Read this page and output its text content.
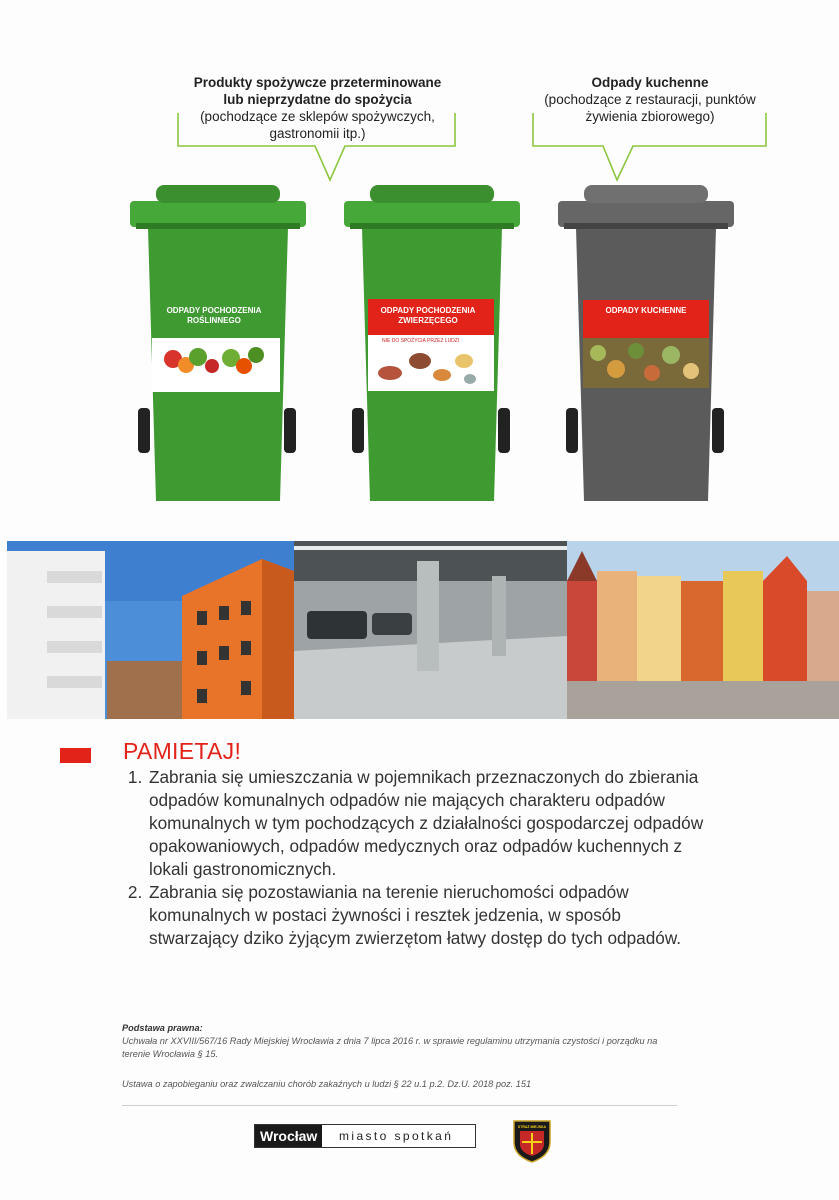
Produkty spożywcze przeterminowane lub nieprzydatne do spożycia
(pochodzące ze sklepów spożywczych, gastronomii itp.)
Odpady kuchenne
(pochodzące z restauracji, punktów żywienia zbiorowego)
ODPADY POCHODZENIA ROŚLINNEGO
ODPADY POCHODZENIA ZWIERZĘCEGO
NIE DO SPOŻYCIA PRZEZ LUDZI
ODPADY KUCHENNE
PAMIETAJ!
1. Zabrania się umieszczania w pojemnikach przeznaczonych do zbierania odpadów komunalnych odpadów nie mających charakteru odpadów komunalnych w tym pochodzących z działalności gospodarczej odpadów opakowaniowych, odpadów medycznych oraz odpadów kuchennych z lokali gastronomicznych.
2. Zabrania się pozostawiania na terenie nieruchomości odpadów komunalnych w postaci żywności i resztek jedzenia, w sposób stwarzający dziko żyjącym zwierzętom łatwy dostęp do tych odpadów.
Podstawa prawna:
Uchwała nr XXVIII/567/16 Rady Miejskiej Wrocławia z dnia 7 lipca 2016 r. w sprawie regulaminu utrzymania czystości i porządku na terenie Wrocławia § 15.
Ustawa o zapobieganiu oraz zwalczaniu chorób zakaźnych u ludzi § 22 u.1 p.2. Dz.U. 2018 poz. 151
Wrocław	miasto spotkań
STRAŻ MIEJSKA
